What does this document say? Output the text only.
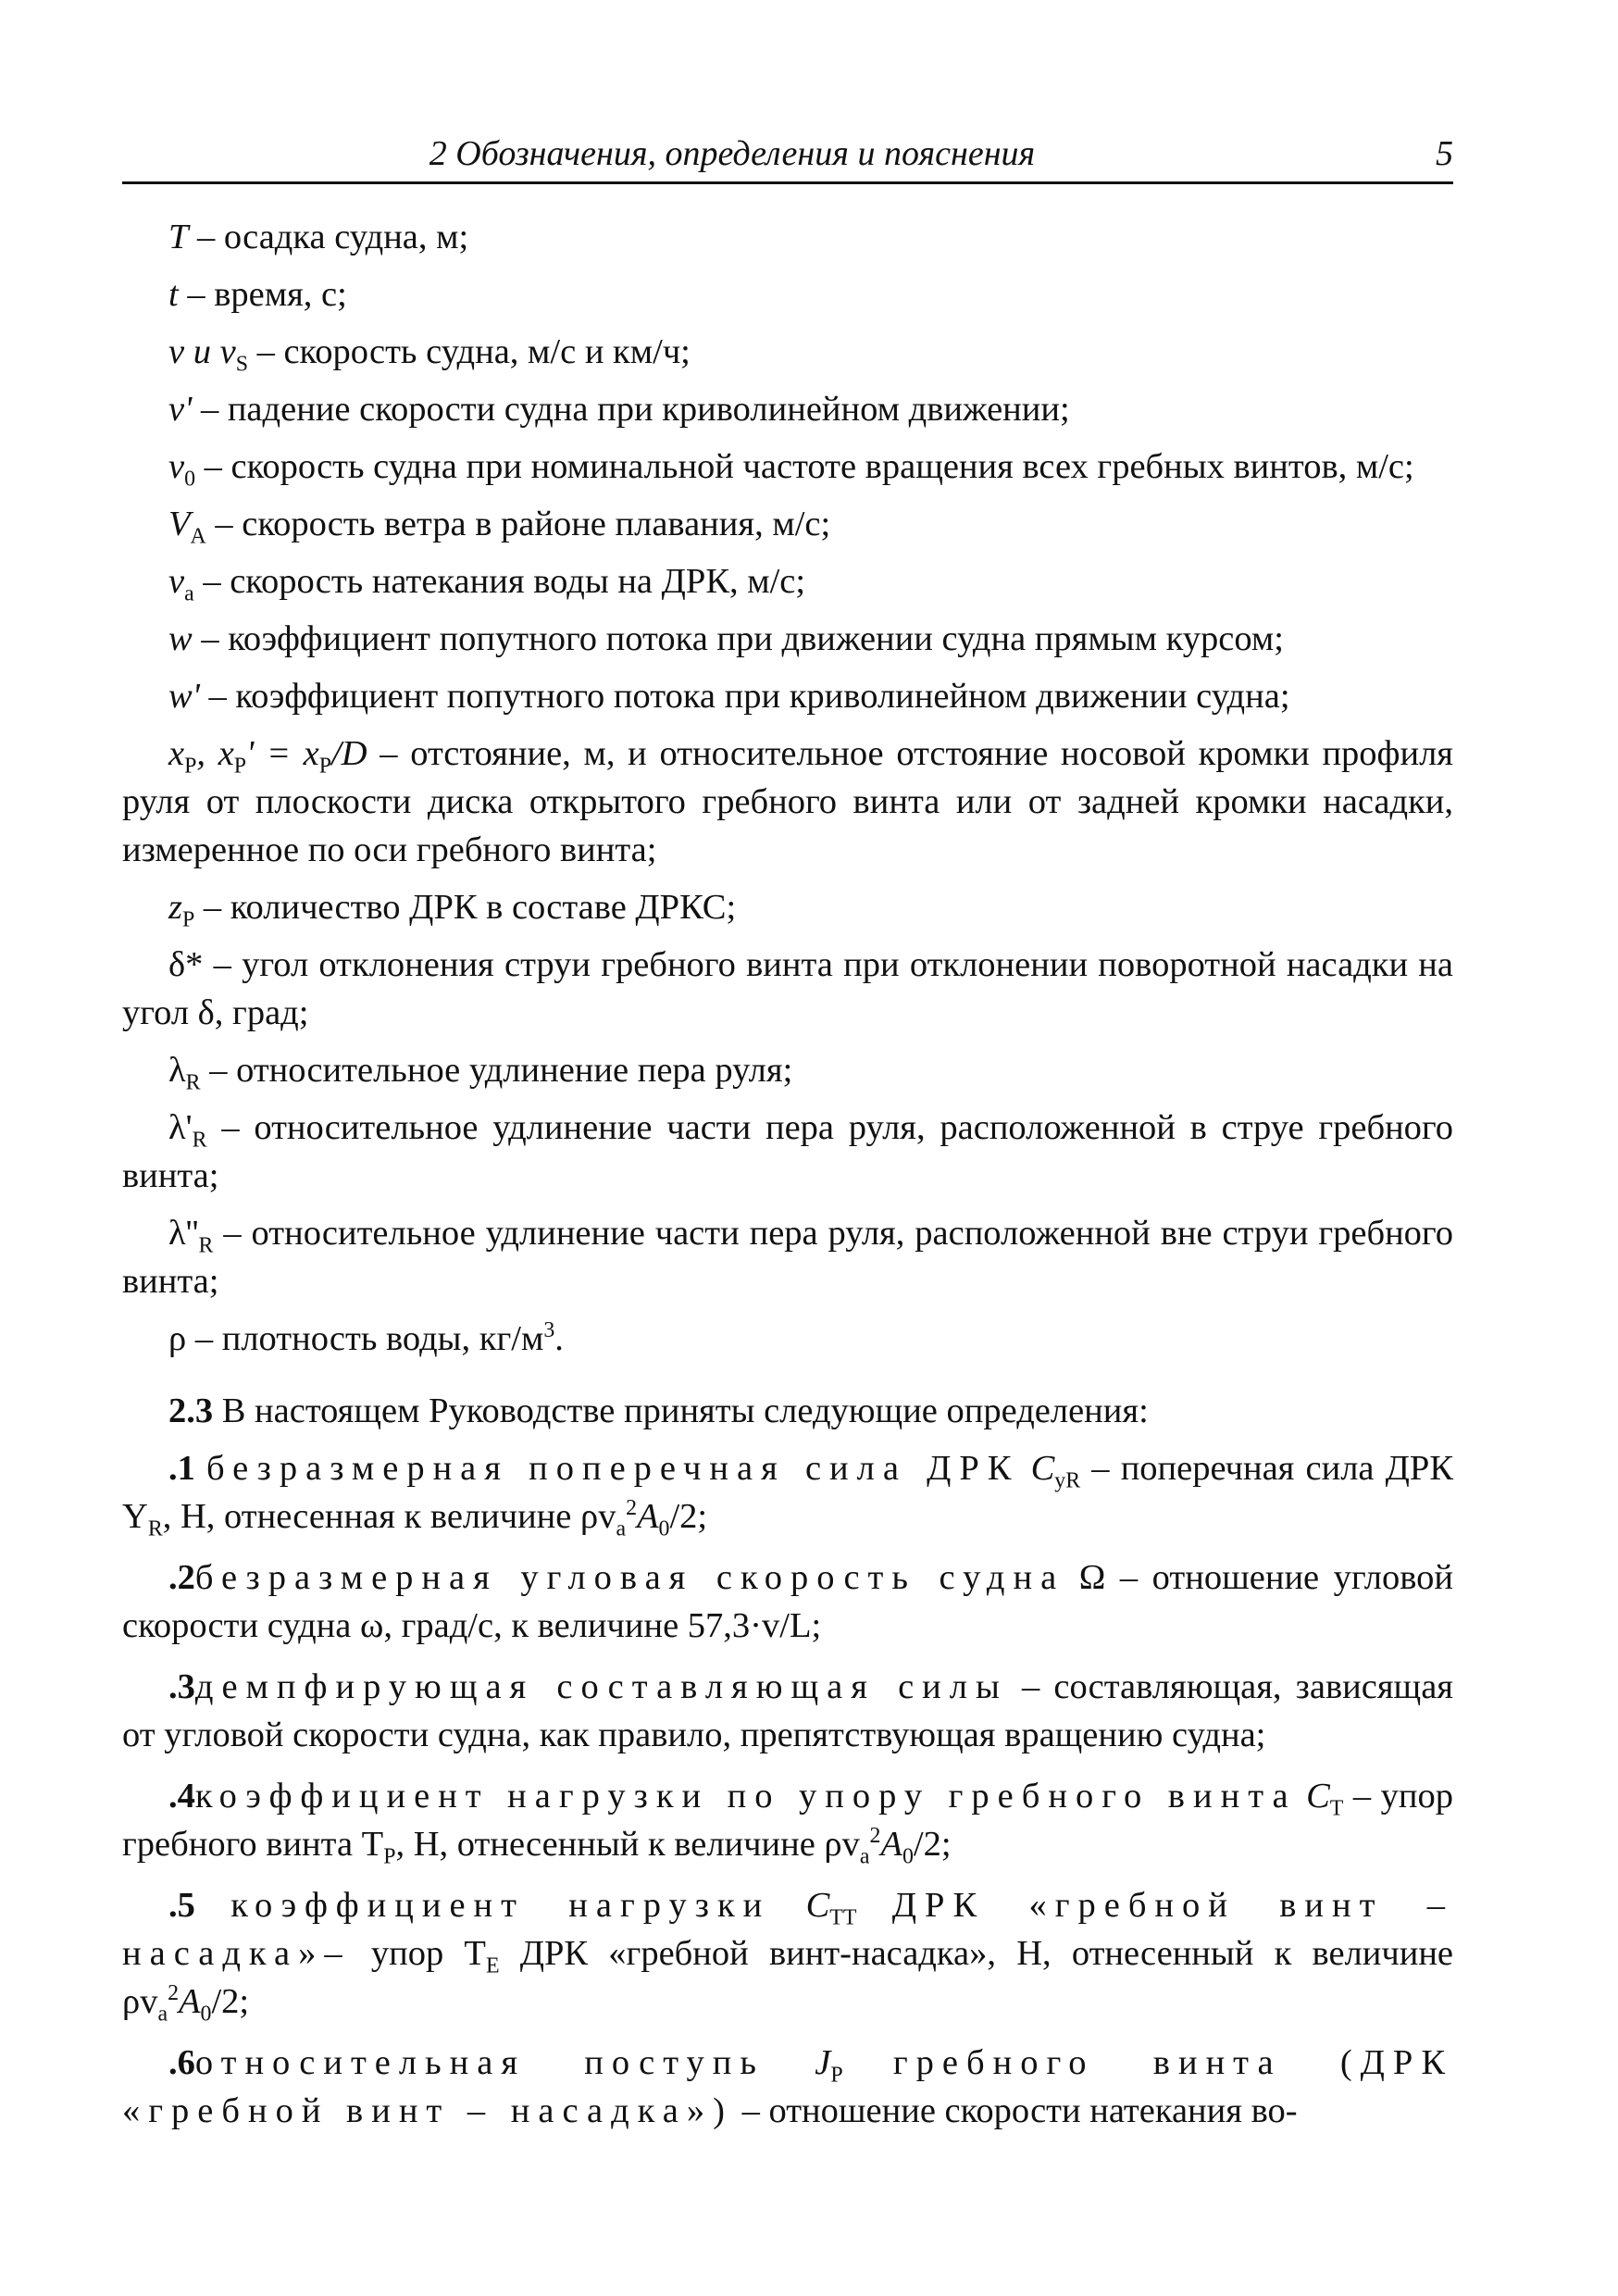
2 Обозначения, определения и пояснения	5

T – осадка судна, м;

t – время, с;

v и $v_S$ – скорость судна, м/с и км/ч;

v' – падение скорости судна при криволинейном движении;

$v_0$ – скорость судна при номинальной частоте вращения всех гребных винтов, м/с;

$V_A$ – скорость ветра в районе плавания, м/с;

$v_a$ – скорость натекания воды на ДРК, м/с;

w – коэффициент попутного потока при движении судна прямым курсом;

w' – коэффициент попутного потока при криволинейном движении судна;

$x_P$, $x_P' = x_P/D$ – отстояние, м, и относительное отстояние носовой кромки профиля руля от плоскости диска открытого гребного винта или от задней кромки насадки, измеренное по оси гребного винта;

$z_P$ – количество ДРК в составе ДРКС;

δ* – угол отклонения струи гребного винта при отклонении поворотной насадки на угол δ, град;

$\lambda_R$ – относительное удлинение пера руля;

$\lambda'_R$ – относительное удлинение части пера руля, расположенной в струе гребного винта;

$\lambda''_R$ – относительное удлинение части пера руля, расположенной вне струи гребного винта;

ρ – плотность воды, $кг/м^3$.

2.3 В настоящем Руководстве приняты следующие определения:

.1 безразмерная поперечная сила ДРК $C_{yR}$ – поперечная сила ДРК $Y_R$, Н, отнесенная к величине $\rho v_a^2A_0/2$;

.2безразмерная угловая скорость судна Ω – отношение угловой скорости судна ω, град/с, к величине 57,3·v/L;

.3демпфирующая составляющая силы – составляющая, зависящая от угловой скорости судна, как правило, препятствующая вращению судна;

.4коэффициент нагрузки по упору гребного винта $C_T$ – упор гребного винта $T_P$, Н, отнесенный к величине $\rho v_a^2A_0/2$;

.5 коэффициент нагрузки $C_{TT}$ ДРК «гребной винт – насадка»– упор $T_E$ ДРК «гребной винт-насадка», Н, отнесенный к величине $\rho v_a^2A_0/2$;

.6относительная поступь $J_P$ гребного винта (ДРК «гребной винт – насадка») – отношение скорости натекания во-
